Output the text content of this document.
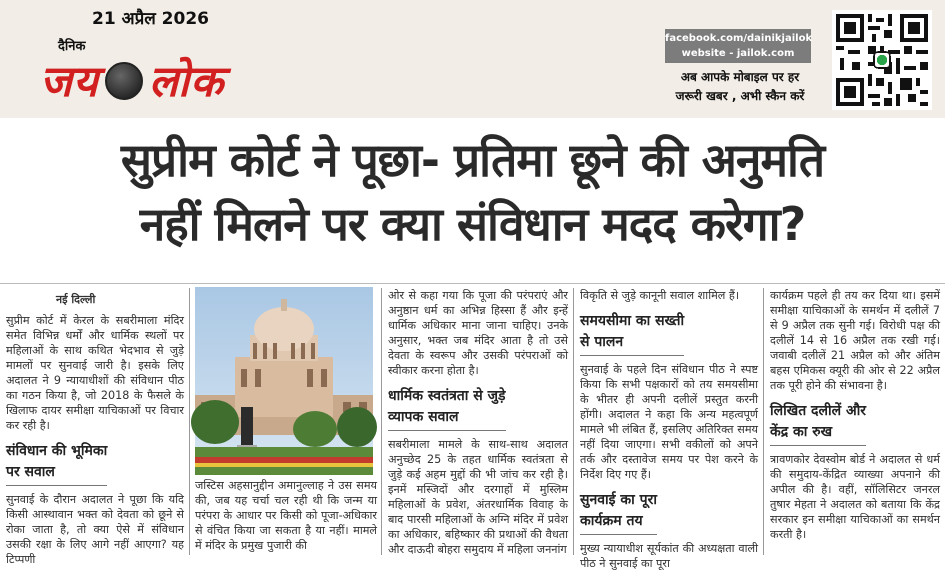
21 अप्रैल 2026
दैनिक
जय लोक
facebook.com/dainikjailok
website - jailok.com
अब आपके मोबाइल पर हर
जरूरी खबर , अभी स्कैन करें
सुप्रीम कोर्ट ने पूछा- प्रतिमा छूने की अनुमति
नहीं मिलने पर क्या संविधान मदद करेगा?
नई दिल्ली

सुप्रीम कोर्ट में केरल के सबरीमाला मंदिर समेत विभिन्न धर्मों और धार्मिक स्थलों पर महिलाओं के साथ कथित भेदभाव से जुड़े मामलों पर सुनवाई जारी है। इसके लिए अदालत ने 9 न्यायाधीशों की संविधान पीठ का गठन किया है, जो 2018 के फैसले के खिलाफ दायर समीक्षा याचिकाओं पर विचार कर रही है।

संविधान की भूमिका
पर सवाल

सुनवाई के दौरान अदालत ने पूछा कि यदि किसी आस्थावान भक्त को देवता को छूने से रोका जाता है, तो क्या ऐसे में संविधान उसकी रक्षा के लिए आगे नहीं आएगा? यह टिप्पणी

जस्टिस अहसानुद्दीन अमानुल्लाह ने उस समय की, जब यह चर्चा चल रही थी कि जन्म या परंपरा के आधार पर किसी को पूजा-अधिकार से वंचित किया जा सकता है या नहीं। मामले में मंदिर के प्रमुख पुजारी की

ओर से कहा गया कि पूजा की परंपराएं और अनुष्ठान धर्म का अभिन्न हिस्सा हैं और इन्हें धार्मिक अधिकार माना जाना चाहिए। उनके अनुसार, भक्त जब मंदिर आता है तो उसे देवता के स्वरूप और उसकी परंपराओं को स्वीकार करना होता है।

धार्मिक स्वतंत्रता से जुड़े
व्यापक सवाल

सबरीमाला मामले के साथ-साथ अदालत अनुच्छेद 25 के तहत धार्मिक स्वतंत्रता से जुड़े कई अहम मुद्दों की भी जांच कर रही है। इनमें मस्जिदों और दरगाहों में मुस्लिम महिलाओं के प्रवेश, अंतरधार्मिक विवाह के बाद पारसी महिलाओं के अग्नि मंदिर में प्रवेश का अधिकार, बहिष्कार की प्रथाओं की वैधता और दाऊदी बोहरा समुदाय में महिला जननांग

विकृति से जुड़े कानूनी सवाल शामिल हैं।

समयसीमा का सख्ती
से पालन

सुनवाई के पहले दिन संविधान पीठ ने स्पष्ट किया कि सभी पक्षकारों को तय समयसीमा के भीतर ही अपनी दलीलें प्रस्तुत करनी होंगी। अदालत ने कहा कि अन्य महत्वपूर्ण मामले भी लंबित हैं, इसलिए अतिरिक्त समय नहीं दिया जाएगा। सभी वकीलों को अपने तर्क और दस्तावेज समय पर पेश करने के निर्देश दिए गए हैं।

सुनवाई का पूरा
कार्यक्रम तय

मुख्य न्यायाधीश सूर्यकांत की अध्यक्षता वाली पीठ ने सुनवाई का पूरा

कार्यक्रम पहले ही तय कर दिया था। इसमें समीक्षा याचिकाओं के समर्थन में दलीलें 7 से 9 अप्रैल तक सुनी गई। विरोधी पक्ष की दलीलें 14 से 16 अप्रैल तक रखी गई। जवाबी दलीलें 21 अप्रैल को और अंतिम बहस एमिकस क्यूरी की ओर से 22 अप्रैल तक पूरी होने की संभावना है।

लिखित दलीलें और
केंद्र का रुख

त्रावणकोर देवस्वोम बोर्ड ने अदालत से धर्म की समुदाय-केंद्रित व्याख्या अपनाने की अपील की है। वहीं, सॉलिसिटर जनरल तुषार मेहता ने अदालत को बताया कि केंद्र सरकार इन समीक्षा याचिकाओं का समर्थन करती है।
